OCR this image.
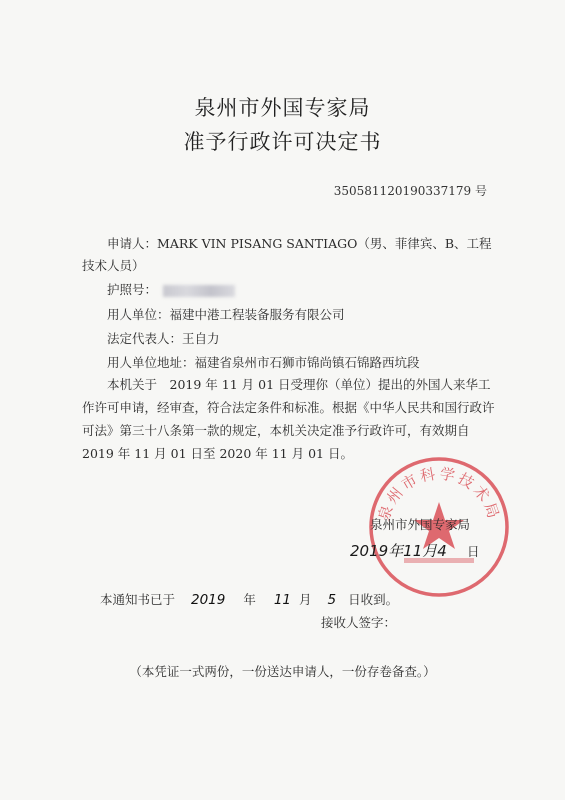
泉州市外国专家局
准予行政许可决定书
350581120190337179 号
申请人：MARK VIN PISANG SANTIAGO（男、菲律宾、B、工程
技术人员）
护照号：
用人单位：福建中港工程装备服务有限公司
法定代表人：王自力
用人单位地址：福建省泉州市石狮市锦尚镇石锦路西坑段
本机关于　2019 年 11 月 01 日受理你（单位）提出的外国人来华工作许可申请，经审查，符合法定条件和标准。根据《中华人民共和国行政许可法》第三十八条第一款的规定，本机关决定准予行政许可，有效期自 2019 年 11 月 01 日至 2020 年 11 月 01 日。
泉州市科学技术局
泉州市外国专家局
2019年11月4 日
本通知书已于 2019 年 11 月 5 日收到。
接收人签字：
（本凭证一式两份，一份送达申请人，一份存卷备查。）
